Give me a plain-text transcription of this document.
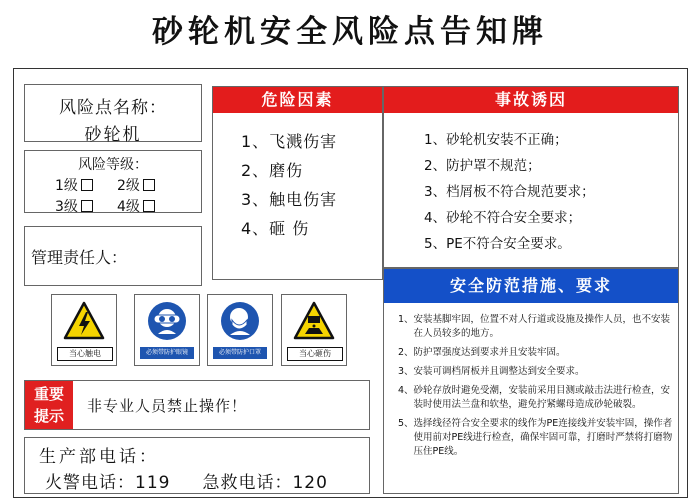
砂轮机安全风险点告知牌
风险点名称：
砂轮机
风险等级：
1级	2级
3级	4级
管理责任人：
当心触电	必须带防护眼镜	必须带防护口罩	当心砸伤
重要
提示
非专业人员禁止操作！
生产部电话：
火警电话：119 急救电话：120
危险因素
1、飞溅伤害
2、磨伤
3、触电伤害
4、砸 伤
事故诱因
1、砂轮机安装不正确；
2、防护罩不规范；
3、档屑板不符合规范要求；
4、砂轮不符合安全要求；
5、PE不符合安全要求。
安全防范措施、要求
1、 安装基脚牢固，位置不对人行道或设施及操作人员，也不安装在人员较多的地方。
2、 防护罩强度达到要求并且安装牢固。
3、 安装可调档屑板并且调整达到安全要求。
4、 砂轮存放时避免受潮，安装前采用目测或敲击法进行检查，安装时使用法兰盘和软垫，避免拧紧螺母造成砂轮破裂。
5、 选择线径符合安全要求的线作为PE连接线并安装牢固，操作者使用前对PE线进行检查，确保牢固可靠，打磨时严禁将打磨物压住PE线。
